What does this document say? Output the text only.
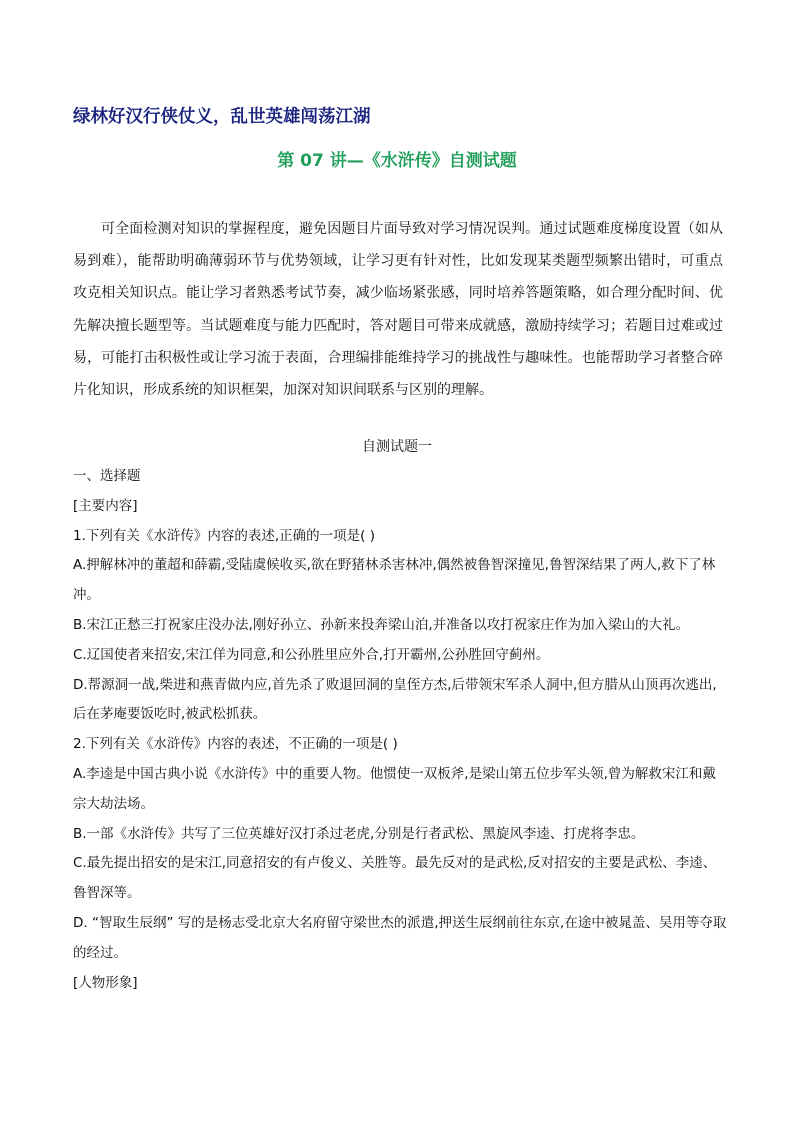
绿林好汉行侠仗义，乱世英雄闯荡江湖
第 07 讲—《水浒传》自测试题

可全面检测对知识的掌握程度，避免因题目片面导致对学习情况误判。通过试题难度梯度设置（如从易到难），能帮助明确薄弱环节与优势领域，让学习更有针对性，比如发现某类题型频繁出错时，可重点攻克相关知识点。能让学习者熟悉考试节奏，减少临场紧张感，同时培养答题策略，如合理分配时间、优先解决擅长题型等。当试题难度与能力匹配时，答对题目可带来成就感，激励持续学习；若题目过难或过易，可能打击积极性或让学习流于表面，合理编排能维持学习的挑战性与趣味性。也能帮助学习者整合碎片化知识，形成系统的知识框架，加深对知识间联系与区别的理解。

自测试题一
一、选择题
[主要内容]
1.下列有关《水浒传》内容的表述,正确的一项是( )
A.押解林冲的董超和薛霸,受陆虞候收买,欲在野猪林杀害林冲,偶然被鲁智深撞见,鲁智深结果了两人,救下了林冲。
B.宋江正愁三打祝家庄没办法,刚好孙立、孙新来投奔梁山泊,并准备以攻打祝家庄作为加入梁山的大礼。
C.辽国使者来招安,宋江佯为同意,和公孙胜里应外合,打开霸州,公孙胜回守蓟州。
D.帮源洞一战,柴进和燕青做内应,首先杀了败退回洞的皇侄方杰,后带领宋军杀人洞中,但方腊从山顶再次逃出,后在茅庵要饭吃时,被武松抓获。
2.下列有关《水浒传》内容的表述，不正确的一项是( )
A.李逵是中国古典小说《水浒传》中的重要人物。他惯使一双板斧,是梁山第五位步军头领,曾为解救宋江和戴宗大劫法场。
B.一部《水浒传》共写了三位英雄好汉打杀过老虎,分别是行者武松、黑旋风李逵、打虎将李忠。
C.最先提出招安的是宋江,同意招安的有卢俊义、关胜等。最先反对的是武松,反对招安的主要是武松、李逵、鲁智深等。
D. “智取生辰纲” 写的是杨志受北京大名府留守梁世杰的派遣,押送生辰纲前往东京,在途中被晁盖、吴用等夺取的经过。
[人物形象]
